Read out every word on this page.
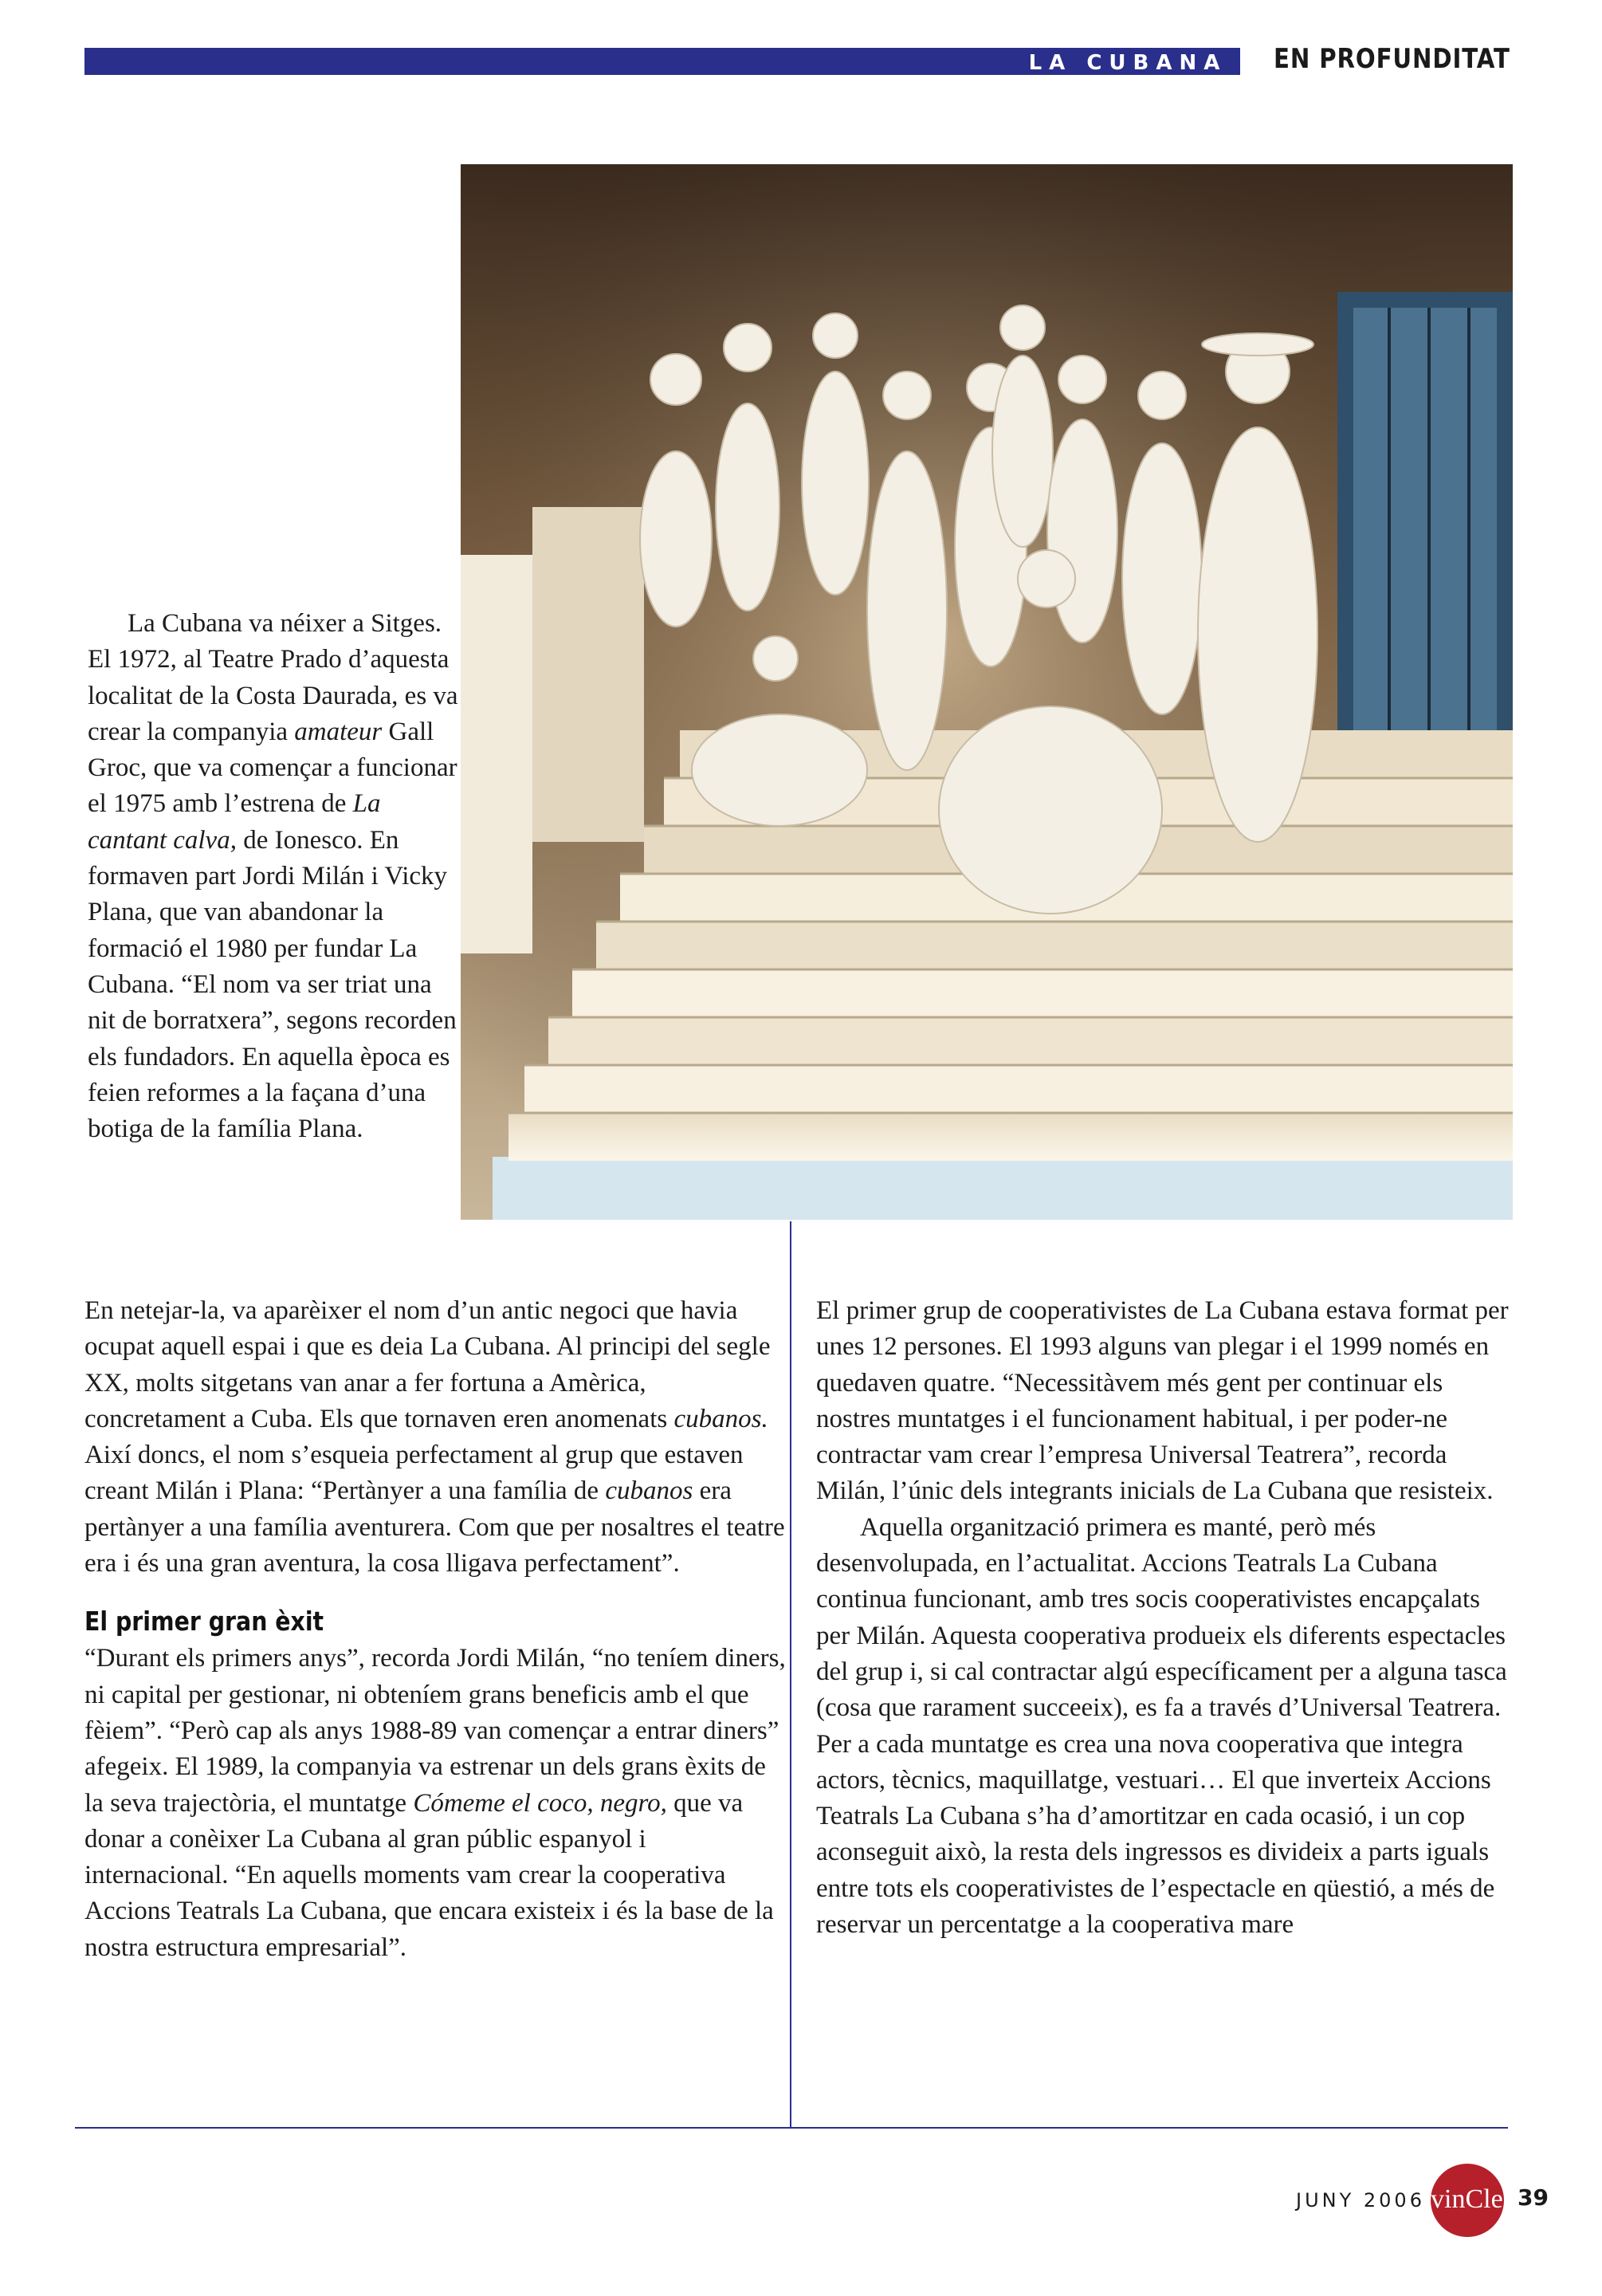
LA CUBANA	EN PROFUNDITAT

La Cubana va néixer a Sitges. El 1972, al Teatre Prado d’aquesta localitat de la Costa Daurada, es va crear la companyia amateur Gall Groc, que va començar a funcionar el 1975 amb l’estrena de La cantant calva, de Ionesco. En formaven part Jordi Milán i Vicky Plana, que van abandonar la formació el 1980 per fundar La Cubana. “El nom va ser triat una nit de borratxera”, segons recorden els fundadors. En aquella època es feien reformes a la façana d’una botiga de la família Plana.

En netejar-la, va aparèixer el nom d’un antic negoci que havia ocupat aquell espai i que es deia La Cubana. Al principi del segle XX, molts sitgetans van anar a fer fortuna a Amèrica, concretament a Cuba. Els que tornaven eren anomenats cubanos. Així doncs, el nom s’esqueia perfectament al grup que estaven creant Milán i Plana: “Pertànyer a una família de cubanos era pertànyer a una família aventurera. Com que per nosaltres el teatre era i és una gran aventura, la cosa lligava perfectament”.

El primer gran èxit

“Durant els primers anys”, recorda Jordi Milán, “no teníem diners, ni capital per gestionar, ni obteníem grans beneficis amb el que fèiem”. “Però cap als anys 1988-89 van començar a entrar diners” afegeix. El 1989, la companyia va estrenar un dels grans èxits de la seva trajectòria, el muntatge Cómeme el coco, negro, que va donar a conèixer La Cubana al gran públic espanyol i internacional. “En aquells moments vam crear la cooperativa Accions Teatrals La Cubana, que encara existeix i és la base de la nostra estructura empresarial”.

El primer grup de cooperativistes de La Cubana estava format per unes 12 persones. El 1993 alguns van plegar i el 1999 només en quedaven quatre. “Necessitàvem més gent per continuar els nostres muntatges i el funcionament habitual, i per poder-ne contractar vam crear l’empresa Universal Teatrera”, recorda Milán, l’únic dels integrants inicials de La Cubana que resisteix.

Aquella organització primera es manté, però més desenvolupada, en l’actualitat. Accions Teatrals La Cubana continua funcionant, amb tres socis cooperativistes encapçalats per Milán. Aquesta cooperativa produeix els diferents espectacles del grup i, si cal contractar algú específicament per a alguna tasca (cosa que rarament succeeix), es fa a través d’Universal Teatrera. Per a cada muntatge es crea una nova cooperativa que integra actors, tècnics, maquillatge, vestuari… El que inverteix Accions Teatrals La Cubana s’ha d’amortitzar en cada ocasió, i un cop aconseguit això, la resta dels ingressos es divideix a parts iguals entre tots els cooperativistes de l’espectacle en qüestió, a més de reservar un percentatge a la cooperativa mare

JUNY 2006 vinCles 39
